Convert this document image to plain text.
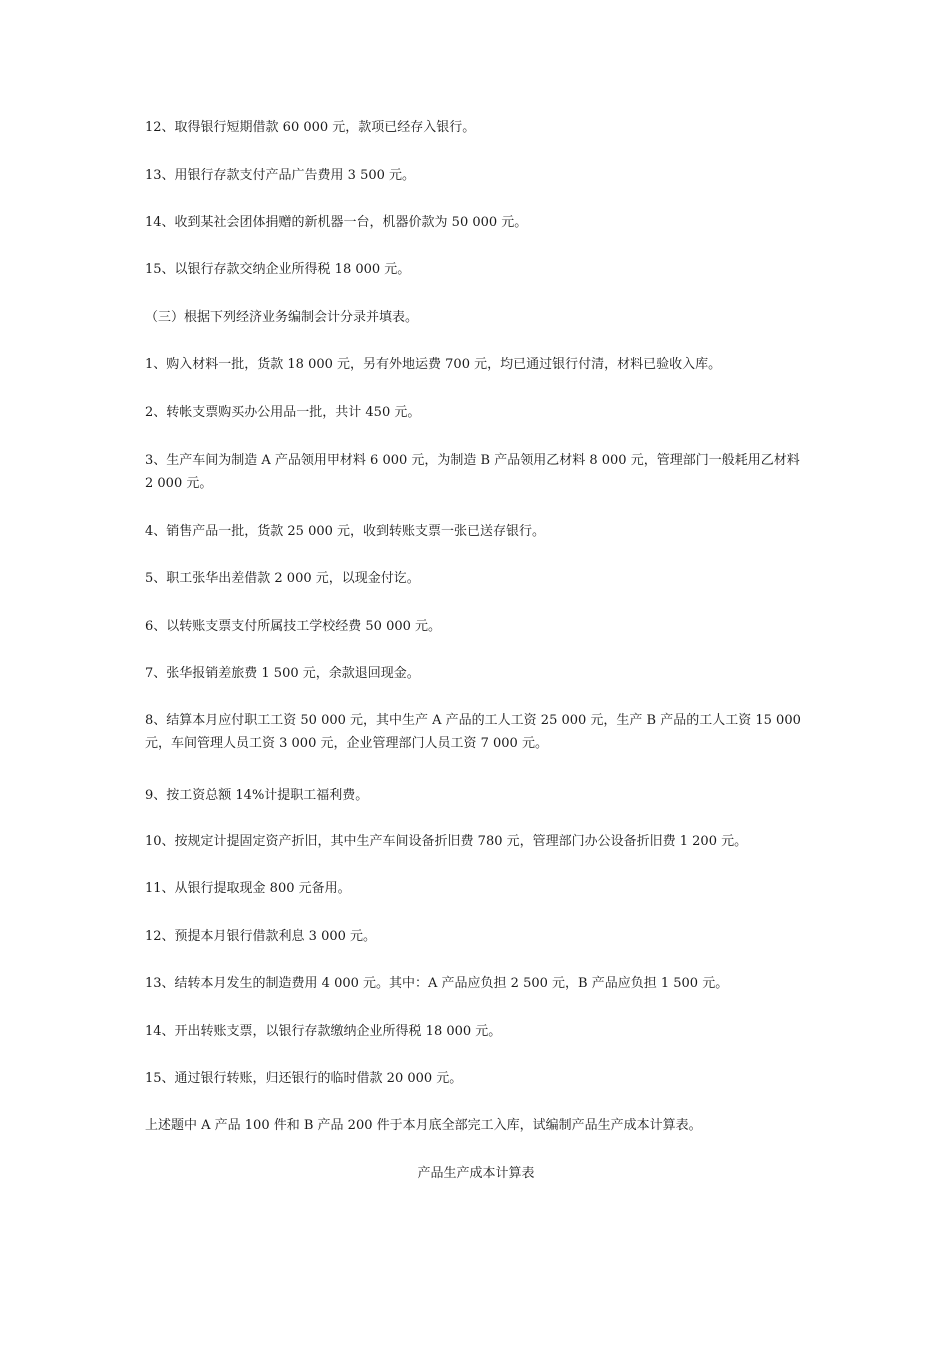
12、取得银行短期借款 60 000 元，款项已经存入银行。

13、用银行存款支付产品广告费用 3 500 元。

14、收到某社会团体捐赠的新机器一台，机器价款为 50 000 元。

15、以银行存款交纳企业所得税 18 000 元。

（三）根据下列经济业务编制会计分录并填表。

1、购入材料一批，货款 18 000 元，另有外地运费 700 元，均已通过银行付清，材料已验收入库。

2、转帐支票购买办公用品一批，共计 450 元。

3、生产车间为制造 A 产品领用甲材料 6 000 元，为制造 B 产品领用乙材料 8 000 元，管理部门一般耗用乙材料 2 000 元。

4、销售产品一批，货款 25 000 元，收到转账支票一张已送存银行。

5、职工张华出差借款 2 000 元，以现金付讫。

6、以转账支票支付所属技工学校经费 50 000 元。

7、张华报销差旅费 1 500 元，余款退回现金。

8、结算本月应付职工工资 50 000 元，其中生产 A 产品的工人工资 25 000 元，生产 B 产品的工人工资 15 000 元，车间管理人员工资 3 000 元，企业管理部门人员工资 7 000 元。

9、按工资总额 14%计提职工福利费。

10、按规定计提固定资产折旧，其中生产车间设备折旧费 780 元，管理部门办公设备折旧费 1 200 元。

11、从银行提取现金 800 元备用。

12、预提本月银行借款利息 3 000 元。

13、结转本月发生的制造费用 4 000 元。其中：A 产品应负担 2 500 元，B 产品应负担 1 500 元。

14、开出转账支票，以银行存款缴纳企业所得税 18 000 元。

15、通过银行转账，归还银行的临时借款 20 000 元。

上述题中 A 产品 100 件和 B 产品 200 件于本月底全部完工入库，试编制产品生产成本计算表。

产品生产成本计算表
